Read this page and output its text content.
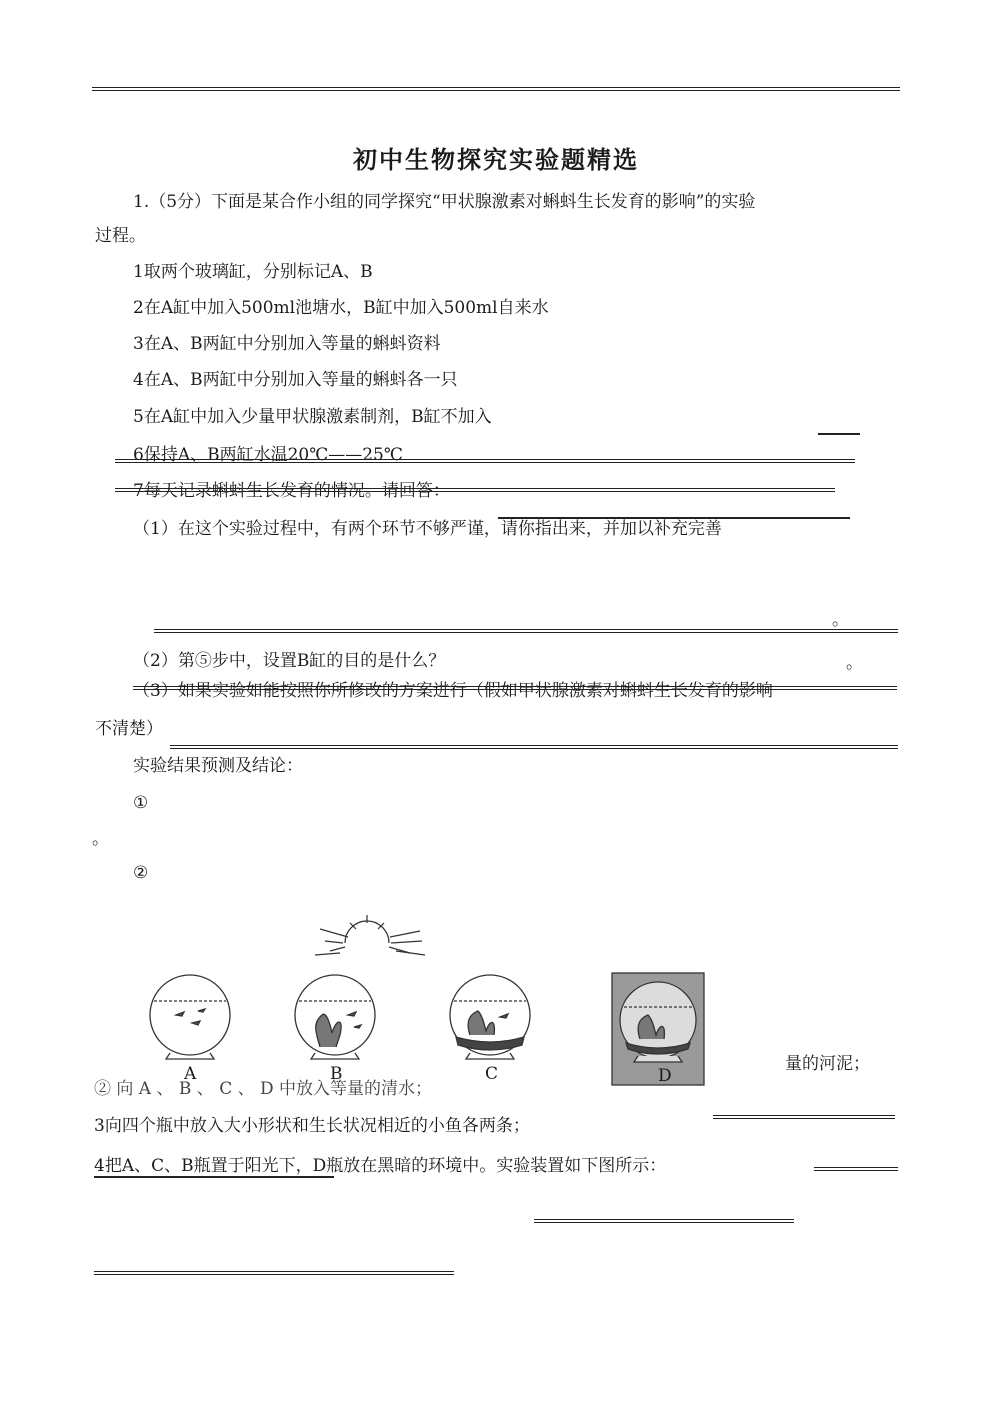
初中生物探究实验题精选
1.（5分）下面是某合作小组的同学探究“甲状腺激素对蝌蚪生长发育的影响”的实验
过程。
1取两个玻璃缸，分别标记A、B
2在A缸中加入500ml池塘水，B缸中加入500ml自来水
3在A、B两缸中分别加入等量的蝌蚪资料
4在A、B两缸中分别加入等量的蝌蚪各一只
5在A缸中加入少量甲状腺激素制剂，B缸不加入
6保持A、B两缸水温20℃——25℃
7每天记录蝌蚪生长发育的情况。请回答：
（1）在这个实验过程中，有两个环节不够严谨，请你指出来，并加以补充完善
。
（2）第⑤步中，设置B缸的目的是什么？	。
（3）如果实验如能按照你所修改的方案进行（假如甲状腺激素对蝌蚪生长发育的影响
不清楚）
实验结果预测及结论：
①
。
②
A	B	C	D
量的河泥；
② 向 A 、 B 、 C 、 D 中放入等量的清水；
3向四个瓶中放入大小形状和生长状况相近的小鱼各两条；
4把A、C、B瓶置于阳光下，D瓶放在黑暗的环境中。实验装置如下图所示：
